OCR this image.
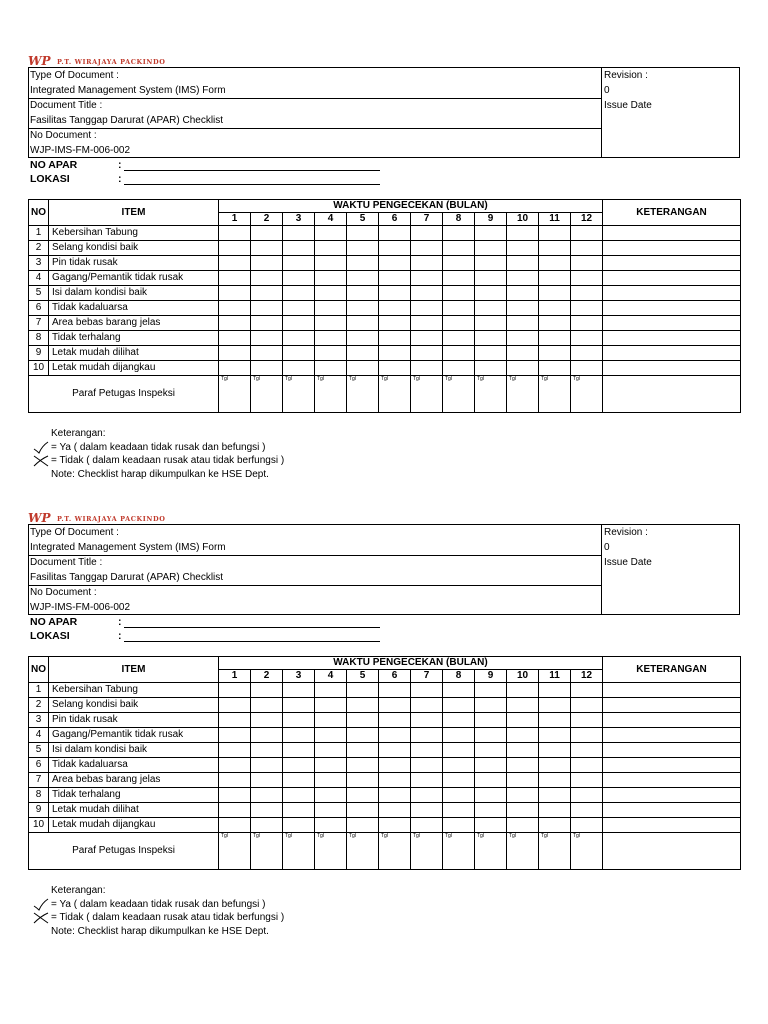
WP P.T. WIRAJAYA PACKINDO
Type Of Document :
Integrated Management System (IMS) Form
Document Title :
Fasilitas Tanggap Darurat (APAR) Checklist
No Document :
WJP-IMS-FM-006-002
Revision :
0
Issue Date
NO APAR	:
LOKASI	:
NO	ITEM	WAKTU PENGECEKAN (BULAN)												KETERANGAN
		1	2	3	4	5	6	7	8	9	10	11	12	
1	Kebersihan Tabung													
2	Selang kondisi baik													
3	Pin tidak rusak													
4	Gagang/Pemantik tidak rusak													
5	Isi dalam kondisi baik													
6	Tidak kadaluarsa													
7	Area bebas barang jelas													
8	Tidak terhalang													
9	Letak mudah dilihat													
10	Letak mudah dijangkau													
Paraf Petugas Inspeksi		Tgl	Tgl	Tgl	Tgl	Tgl	Tgl	Tgl	Tgl	Tgl	Tgl	Tgl	Tgl	
Keterangan:
= Ya ( dalam keadaan tidak rusak dan befungsi )
= Tidak ( dalam keadaan rusak atau tidak berfungsi )
Note: Checklist harap dikumpulkan ke HSE Dept.
WP P.T. WIRAJAYA PACKINDO
Type Of Document :
Integrated Management System (IMS) Form
Document Title :
Fasilitas Tanggap Darurat (APAR) Checklist
No Document :
WJP-IMS-FM-006-002
Revision :
0
Issue Date
NO APAR	:
LOKASI	:
NO	ITEM	WAKTU PENGECEKAN (BULAN)												KETERANGAN
		1	2	3	4	5	6	7	8	9	10	11	12	
1	Kebersihan Tabung													
2	Selang kondisi baik													
3	Pin tidak rusak													
4	Gagang/Pemantik tidak rusak													
5	Isi dalam kondisi baik													
6	Tidak kadaluarsa													
7	Area bebas barang jelas													
8	Tidak terhalang													
9	Letak mudah dilihat													
10	Letak mudah dijangkau													
Paraf Petugas Inspeksi		Tgl	Tgl	Tgl	Tgl	Tgl	Tgl	Tgl	Tgl	Tgl	Tgl	Tgl	Tgl	
Keterangan:
= Ya ( dalam keadaan tidak rusak dan befungsi )
= Tidak ( dalam keadaan rusak atau tidak berfungsi )
Note: Checklist harap dikumpulkan ke HSE Dept.
